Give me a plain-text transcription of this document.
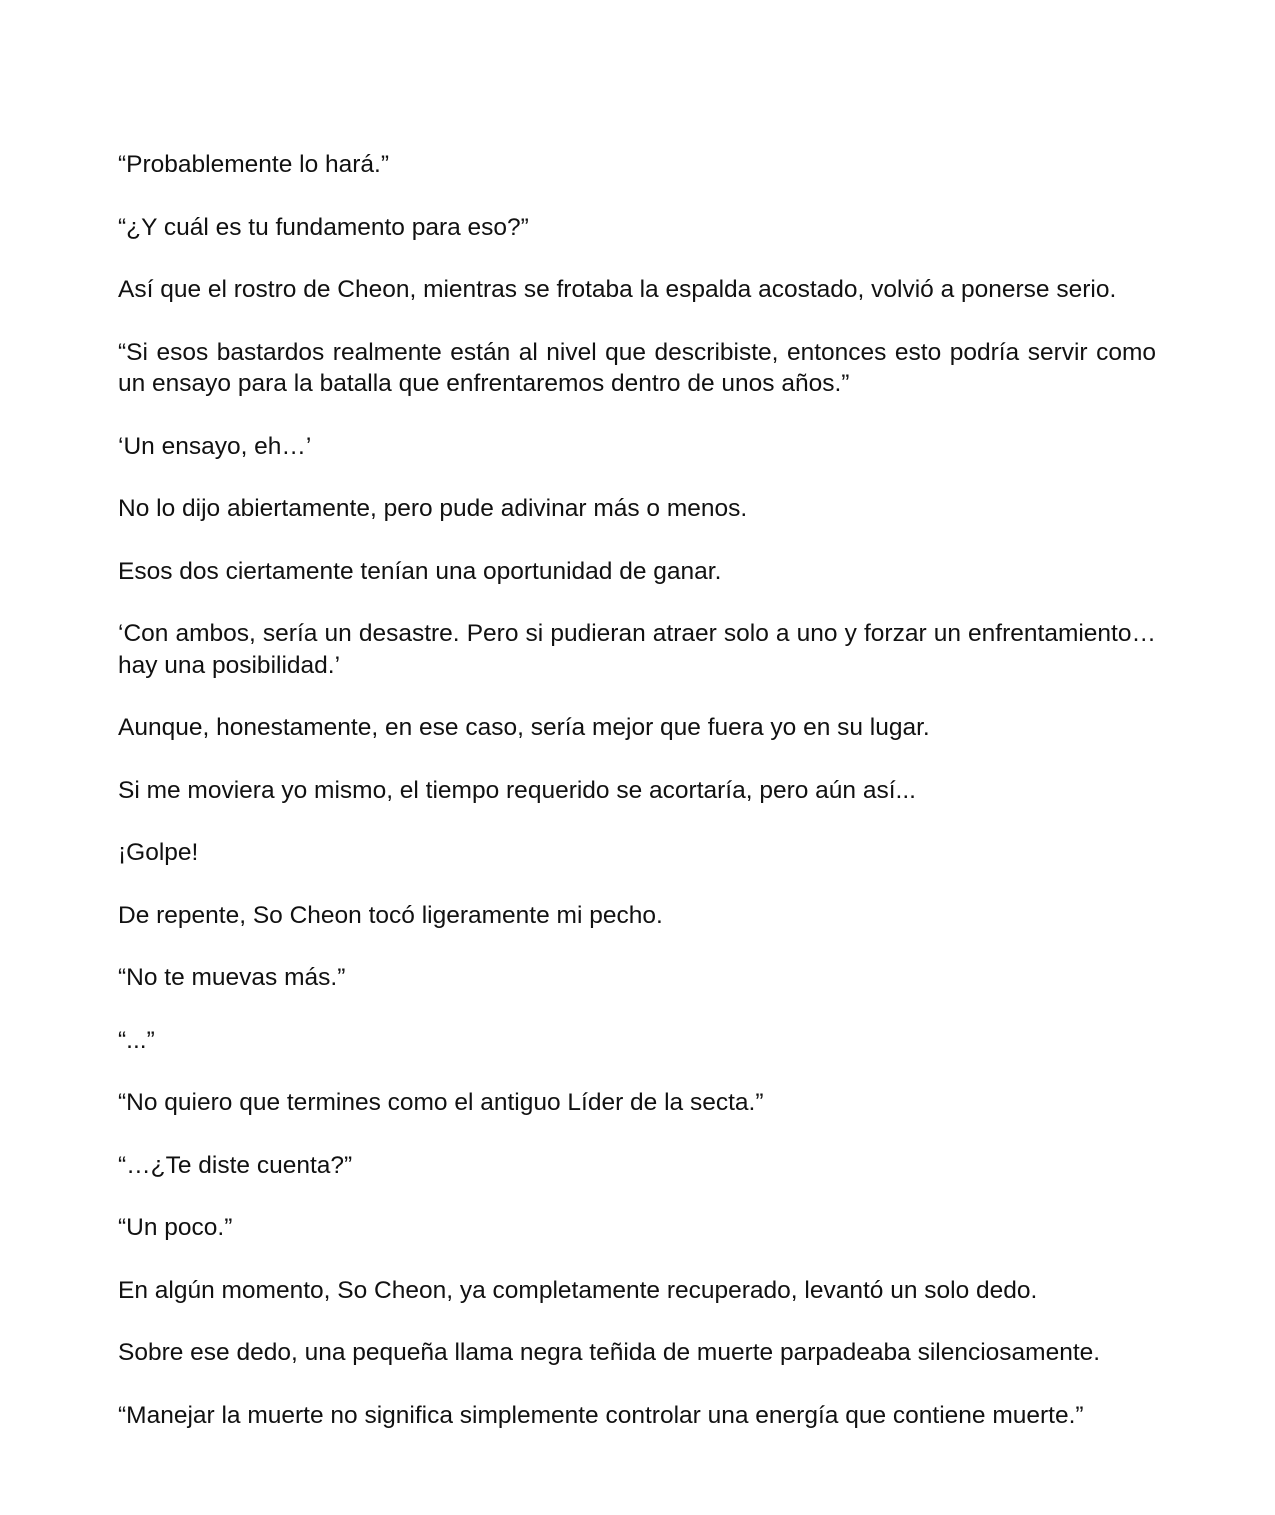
“Probablemente lo hará.”

“¿Y cuál es tu fundamento para eso?”

Así que el rostro de Cheon, mientras se frotaba la espalda acostado, volvió a ponerse serio.

“Si esos bastardos realmente están al nivel que describiste, entonces esto podría servir como un ensayo para la batalla que enfrentaremos dentro de unos años.”

‘Un ensayo, eh…’

No lo dijo abiertamente, pero pude adivinar más o menos.

Esos dos ciertamente tenían una oportunidad de ganar.

‘Con ambos, sería un desastre. Pero si pudieran atraer solo a uno y forzar un enfrentamiento… hay una posibilidad.’

Aunque, honestamente, en ese caso, sería mejor que fuera yo en su lugar.

Si me moviera yo mismo, el tiempo requerido se acortaría, pero aún así...

¡Golpe!

De repente, So Cheon tocó ligeramente mi pecho.

“No te muevas más.”

“...”

“No quiero que termines como el antiguo Líder de la secta.”

“…¿Te diste cuenta?”

“Un poco.”

En algún momento, So Cheon, ya completamente recuperado, levantó un solo dedo.

Sobre ese dedo, una pequeña llama negra teñida de muerte parpadeaba silenciosamente.

“Manejar la muerte no significa simplemente controlar una energía que contiene muerte.”
